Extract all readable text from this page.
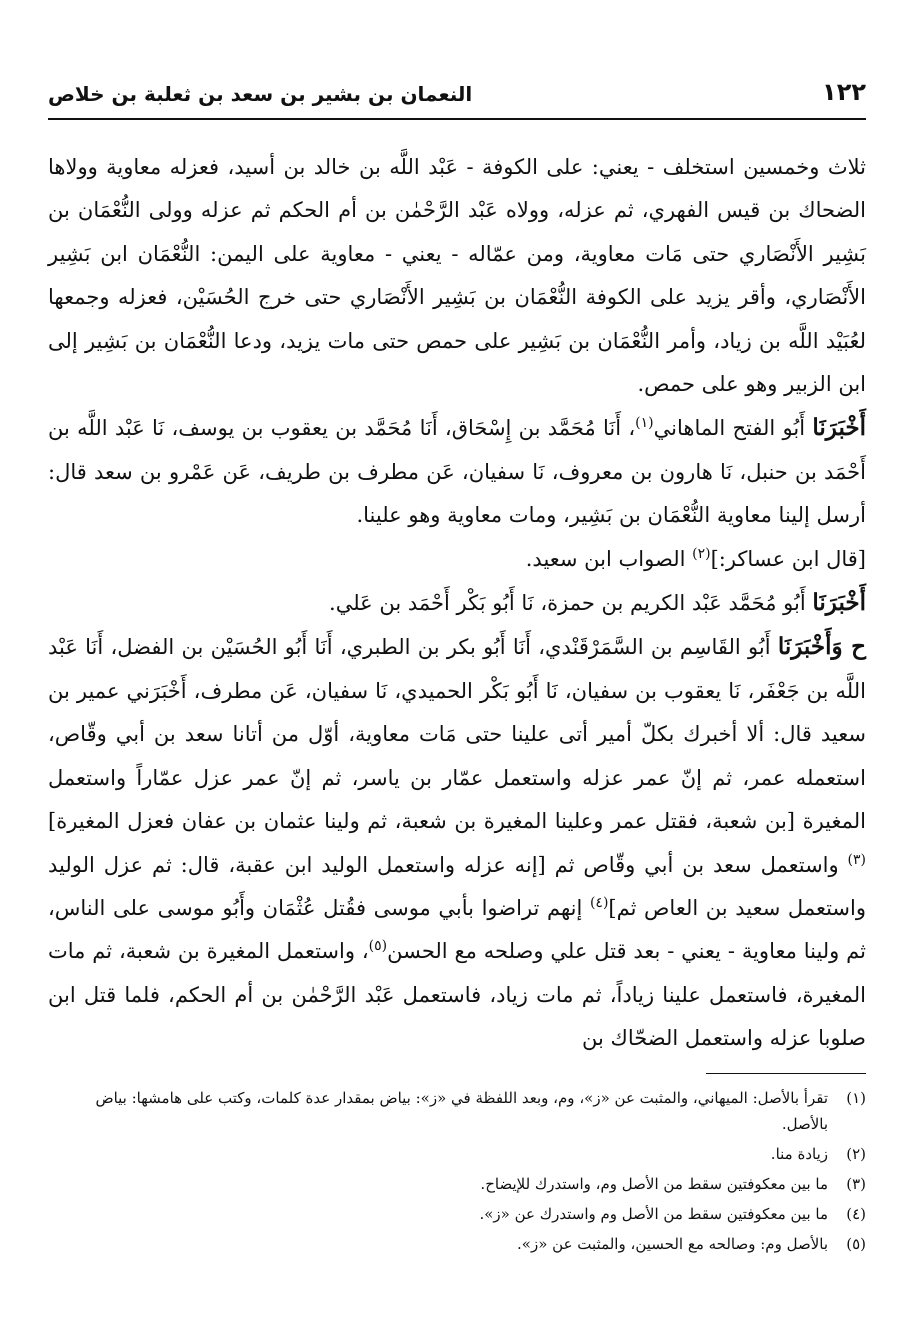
١٢٢
النعمان بن بشير بن سعد بن ثعلبة بن خلاص

ثلاث وخمسين استخلف - يعني: على الكوفة - عَبْد اللَّه بن خالد بن أسيد، فعزله معاوية وولاها الضحاك بن قيس الفهري، ثم عزله، وولاه عَبْد الرَّحْمٰن بن أم الحكم ثم عزله وولى النُّعْمَان بن بَشِير الأَنْصَاري حتى مَات معاوية، ومن عمّاله - يعني - معاوية على اليمن: النُّعْمَان ابن بَشِير الأَنْصَاري، وأقر يزيد على الكوفة النُّعْمَان بن بَشِير الأَنْصَاري حتى خرج الحُسَيْن، فعزله وجمعها لعُبَيْد اللَّه بن زياد، وأمر النُّعْمَان بن بَشِير على حمص حتى مات يزيد، ودعا النُّعْمَان بن بَشِير إلى ابن الزبير وهو على حمص.

أَخْبَرَنَا أَبُو الفتح الماهاني$^{(١)}$، أَنَا مُحَمَّد بن إِسْحَاق، أَنَا مُحَمَّد بن يعقوب بن يوسف، نَا عَبْد اللَّه بن أَحْمَد بن حنبل، نَا هارون بن معروف، نَا سفيان، عَن مطرف بن طريف، عَن عَمْرو بن سعد قال: أرسل إلينا معاوية النُّعْمَان بن بَشِير، ومات معاوية وهو علينا.

[قال ابن عساكر:]$^{(٢)}$ الصواب ابن سعيد.

أَخْبَرَنَا أَبُو مُحَمَّد عَبْد الكريم بن حمزة، نَا أَبُو بَكْر أَحْمَد بن عَلي.

ح وَأَخْبَرَنَا أَبُو القَاسِم بن السَّمَرْقَنْدي، أَنَا أَبُو بكر بن الطبري، أَنَا أَبُو الحُسَيْن بن الفضل، أَنَا عَبْد اللَّه بن جَعْفَر، نَا يعقوب بن سفيان، نَا أَبُو بَكْر الحميدي، نَا سفيان، عَن مطرف، أَخْبَرَني عمير بن سعيد قال: ألا أخبرك بكلّ أمير أتى علينا حتى مَات معاوية، أوّل من أتانا سعد بن أبي وقّاص، استعمله عمر، ثم إنّ عمر عزله واستعمل عمّار بن ياسر، ثم إنّ عمر عزل عمّاراً واستعمل المغيرة [بن شعبة، فقتل عمر وعلينا المغيرة بن شعبة، ثم ولينا عثمان بن عفان فعزل المغيرة]$^{(٣)}$ واستعمل سعد بن أبي وقّاص ثم [إنه عزله واستعمل الوليد ابن عقبة، قال: ثم عزل الوليد واستعمل سعيد بن العاص ثم]$^{(٤)}$ إنهم تراضوا بأبي موسى فقُتل عُثْمَان وأَبُو موسى على الناس، ثم ولينا معاوية - يعني - بعد قتل علي وصلحه مع الحسن$^{(٥)}$، واستعمل المغيرة بن شعبة، ثم مات المغيرة، فاستعمل علينا زياداً، ثم مات زياد، فاستعمل عَبْد الرَّحْمٰن بن أم الحكم، فلما قتل ابن صلوبا عزله واستعمل الضحّاك بن

(١)
تقرأ بالأصل: الميهاني، والمثبت عن «ز»، وم، وبعد اللفظة في «ز»: بياض بمقدار عدة كلمات، وكتب على هامشها: بياض بالأصل.
(٢)
زيادة منا.
(٣)
ما بين معكوفتين سقط من الأصل وم، واستدرك للإيضاح.
(٤)
ما بين معكوفتين سقط من الأصل وم واستدرك عن «ز».
(٥)
بالأصل وم: وصالحه مع الحسين، والمثبت عن «ز».
